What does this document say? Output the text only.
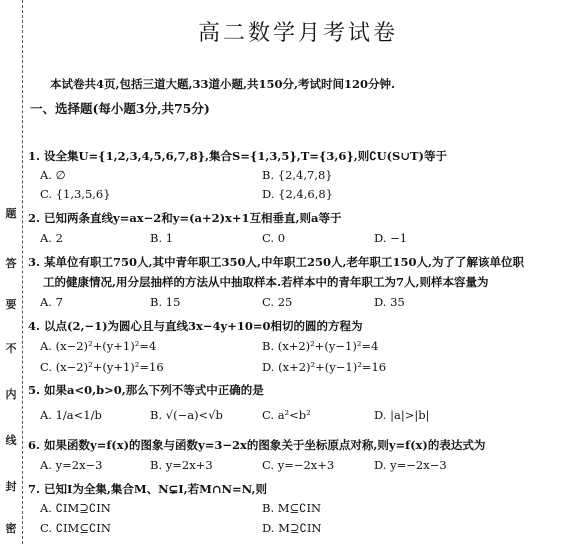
题
答
要
不
内
线
封
密
高二数学月考试卷
本试卷共4页,包括三道大题,33道小题,共150分,考试时间120分钟.
一、选择题(每小题3分,共75分)
1. 设全集U={1,2,3,4,5,6,7,8},集合S={1,3,5},T={3,6},则∁U(S∪T)等于
A. ∅	B. {2,4,7,8}
C. {1,3,5,6}	D. {2,4,6,8}
2. 已知两条直线y=ax−2和y=(a+2)x+1互相垂直,则a等于
A. 2	B. 1	C. 0	D. −1
3. 某单位有职工750人,其中青年职工350人,中年职工250人,老年职工150人,为了了解该单位职
工的健康情况,用分层抽样的方法从中抽取样本.若样本中的青年职工为7人,则样本容量为
A. 7	B. 15	C. 25	D. 35
4. 以点(2,−1)为圆心且与直线3x−4y+10=0相切的圆的方程为
A. (x−2)²+(y+1)²=4	B. (x+2)²+(y−1)²=4
C. (x−2)²+(y+1)²=16	D. (x+2)²+(y−1)²=16
5. 如果a<0,b>0,那么下列不等式中正确的是
A. 1/a<1/b	B. √(−a)<√b	C. a²<b²	D. |a|>|b|
6. 如果函数y=f(x)的图象与函数y=3−2x的图象关于坐标原点对称,则y=f(x)的表达式为
A. y=2x−3	B. y=2x+3	C. y=−2x+3	D. y=−2x−3
7. 已知I为全集,集合M、N⊊I,若M∩N=N,则
A. ∁IM⊇∁IN	B. M⊆∁IN
C. ∁IM⊆∁IN	D. M⊇∁IN
